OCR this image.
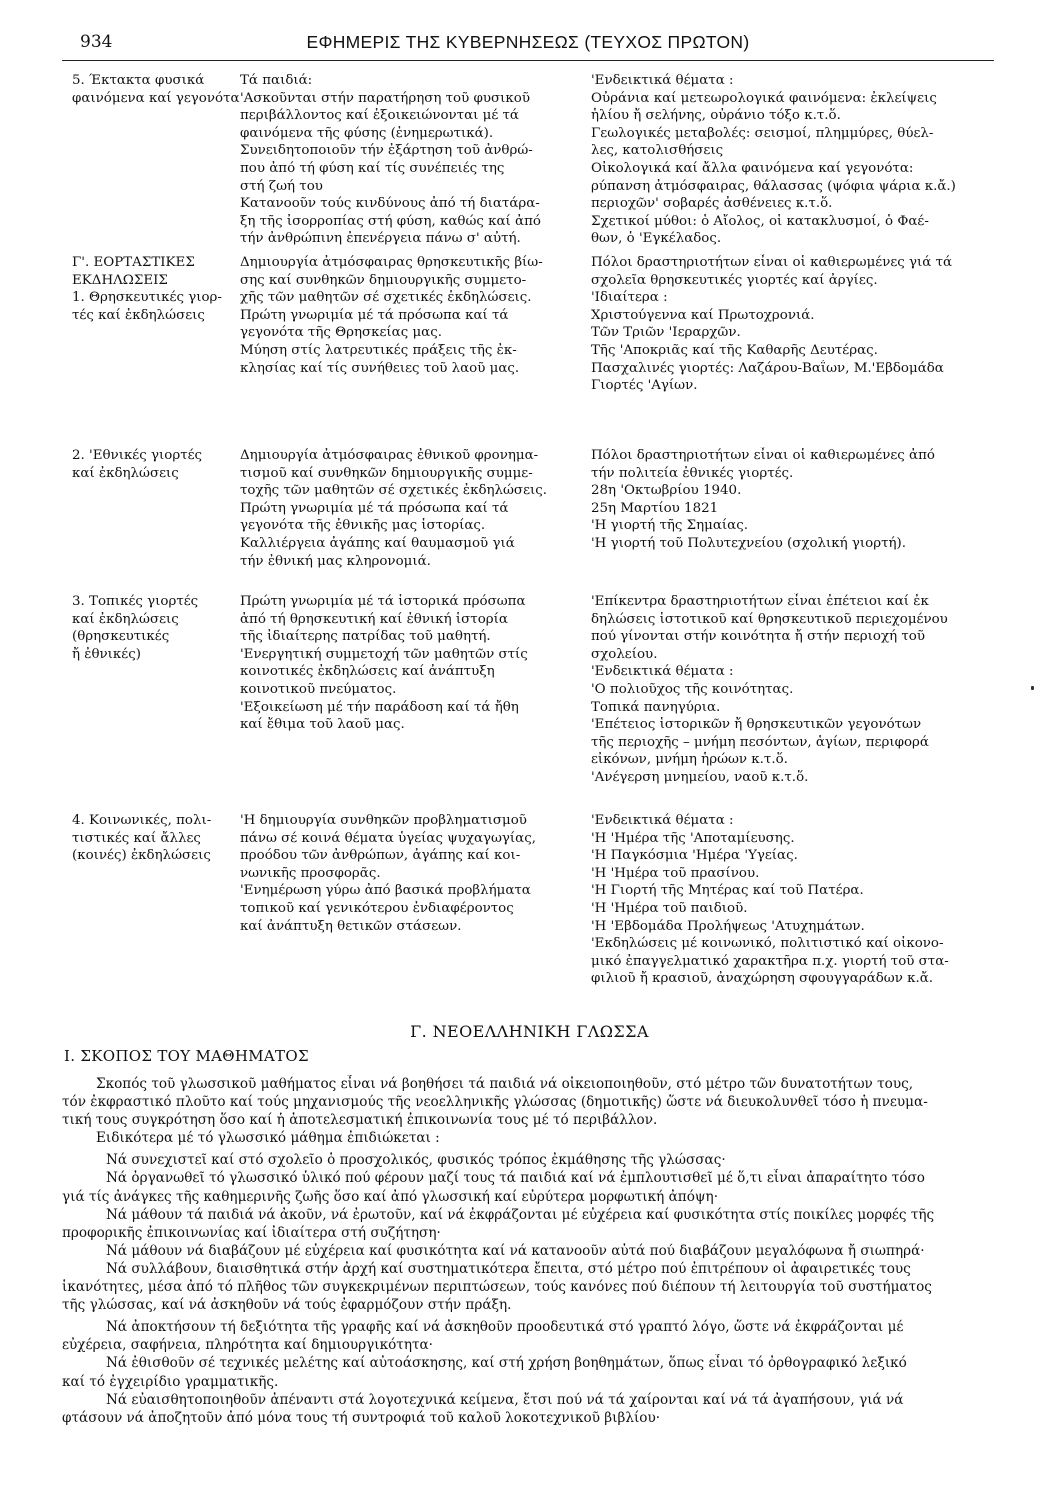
934	ΕΦΗΜΕΡΙΣ ΤΗΣ ΚΥΒΕΡΝΗΣΕΩΣ (ΤΕΥΧΟΣ ΠΡΩΤΟΝ)
5. Έκτακτα φυσικά
φαινόμενα καί γεγονότα
Τά παιδιά:
'Ασκοῦνται στήν παρατήρηση τοῦ φυσικοῦ
περιβάλλοντος καί ἐξοικειώνονται μέ τά
φαινόμενα τῆς φύσης (ἐνημερωτικά).
Συνειδητοποιοῦν τήν ἐξάρτηση τοῦ ἀνθρώ-
που ἀπό τή φύση καί τίς συνέπειές της
στή ζωή του
Κατανοοῦν τούς κινδύνους ἀπό τή διατάρα-
ξη τῆς ἰσορροπίας στή φύση, καθώς καί ἀπό
τήν ἀνθρώπινη ἐπενέργεια πάνω σ' αὐτή.
'Ενδεικτικά θέματα :
Οὐράνια καί μετεωρολογικά φαινόμενα: ἐκλείψεις
ἡλίου ἤ σελήνης, οὐράνιο τόξο κ.τ.ὅ.
Γεωλογικές μεταβολές: σεισμοί, πλημμύρες, θύελ-
λες, κατολισθήσεις
Οἰκολογικά καί ἄλλα φαινόμενα καί γεγονότα:
ρύπανση ἀτμόσφαιρας, θάλασσας (ψόφια ψάρια κ.ἄ.)
περιοχῶν' σοβαρές ἀσθένειες κ.τ.ὅ.
Σχετικοί μύθοι: ὁ Αἴολος, οἱ κατακλυσμοί, ὁ Φαέ-
θων, ὁ 'Εγκέλαδος.
Γ'. ΕΟΡΤΑΣΤΙΚΕΣ
ΕΚΔΗΛΩΣΕΙΣ
1. Θρησκευτικές γιορ-
τές καί ἐκδηλώσεις
Δημιουργία ἀτμόσφαιρας θρησκευτικῆς βίω-
σης καί συνθηκῶν δημιουργικῆς συμμετο-
χῆς τῶν μαθητῶν σέ σχετικές ἐκδηλώσεις.
Πρώτη γνωριμία μέ τά πρόσωπα καί τά
γεγονότα τῆς Θρησκείας μας.
Μύηση στίς λατρευτικές πράξεις τῆς ἐκ-
κλησίας καί τίς συνήθειες τοῦ λαοῦ μας.
Πόλοι δραστηριοτήτων εἶναι οἱ καθιερωμένες γιά τά
σχολεῖα θρησκευτικές γιορτές καί ἀργίες.
'Ιδιαίτερα :
Χριστούγεννα καί Πρωτοχρονιά.
Τῶν Τριῶν 'Ιεραρχῶν.
Τῆς 'Αποκριᾶς καί τῆς Καθαρῆς Δευτέρας.
Πασχαλινές γιορτές: Λαζάρου-Βαΐων, Μ.'Εβδομάδα
Γιορτές 'Αγίων.
2. 'Εθνικές γιορτές
καί ἐκδηλώσεις
Δημιουργία ἀτμόσφαιρας ἐθνικοῦ φρονημα-
τισμοῦ καί συνθηκῶν δημιουργικῆς συμμε-
τοχῆς τῶν μαθητῶν σέ σχετικές ἐκδηλώσεις.
Πρώτη γνωριμία μέ τά πρόσωπα καί τά
γεγονότα τῆς ἐθνικῆς μας ἱστορίας.
Καλλιέργεια ἀγάπης καί θαυμασμοῦ γιά
τήν ἐθνική μας κληρονομιά.
Πόλοι δραστηριοτήτων εἶναι οἱ καθιερωμένες ἀπό
τήν πολιτεία ἐθνικές γιορτές.
28η 'Οκτωβρίου 1940.
25η Μαρτίου 1821
'Η γιορτή τῆς Σημαίας.
'Η γιορτή τοῦ Πολυτεχνείου (σχολική γιορτή).
3. Τοπικές γιορτές
καί ἐκδηλώσεις
(θρησκευτικές
ἤ ἐθνικές)
Πρώτη γνωριμία μέ τά ἱστορικά πρόσωπα
ἀπό τή θρησκευτική καί ἐθνική ἱστορία
τῆς ἰδιαίτερης πατρίδας τοῦ μαθητή.
'Ενεργητική συμμετοχή τῶν μαθητῶν στίς
κοινοτικές ἐκδηλώσεις καί ἀνάπτυξη
κοινοτικοῦ πνεύματος.
'Εξοικείωση μέ τήν παράδοση καί τά ἤθη
καί ἔθιμα τοῦ λαοῦ μας.
'Επίκεντρα δραστηριοτήτων εἶναι ἐπέτειοι καί ἐκ
δηλώσεις ἱστοτικοῦ καί θρησκευτικοῦ περιεχομένου
πού γίνονται στήν κοινότητα ἤ στήν περιοχή τοῦ
σχολείου.
'Ενδεικτικά θέματα :
'Ο πολιοῦχος τῆς κοινότητας.
Τοπικά πανηγύρια.
'Επέτειος ἱστορικῶν ἤ θρησκευτικῶν γεγονότων
τῆς περιοχῆς – μνήμη πεσόντων, ἁγίων, περιφορά
εἰκόνων, μνήμη ἡρώων κ.τ.ὅ.
'Ανέγερση μνημείου, ναοῦ κ.τ.ὅ.
4. Κοινωνικές, πολι-
τιστικές καί ἄλλες
(κοινές) ἐκδηλώσεις
'Η δημιουργία συνθηκῶν προβληματισμοῦ
πάνω σέ κοινά θέματα ὑγείας ψυχαγωγίας,
προόδου τῶν ἀνθρώπων, ἀγάπης καί κοι-
νωνικῆς προσφορᾶς.
'Ενημέρωση γύρω ἀπό βασικά προβλήματα
τοπικοῦ καί γενικότερου ἐνδιαφέροντος
καί ἀνάπτυξη θετικῶν στάσεων.
'Ενδεικτικά θέματα :
'Η 'Ημέρα τῆς 'Αποταμίευσης.
'Η Παγκόσμια 'Ημέρα 'Υγείας.
'Η 'Ημέρα τοῦ πρασίνου.
'Η Γιορτή τῆς Μητέρας καί τοῦ Πατέρα.
'Η 'Ημέρα τοῦ παιδιοῦ.
'Η 'Εβδομάδα Προλήψεως 'Ατυχημάτων.
'Εκδηλώσεις μέ κοινωνικό, πολιτιστικό καί οἰκονο-
μικό ἐπαγγελματικό χαρακτῆρα π.χ. γιορτή τοῦ στα-
φιλιοῦ ἤ κρασιοῦ, ἀναχώρηση σφουγγαράδων κ.ἄ.
Γ. ΝΕΟΕΛΛΗΝΙΚΗ ΓΛΩΣΣΑ
Ι. ΣΚΟΠΟΣ ΤΟΥ ΜΑΘΗΜΑΤΟΣ
Σκοπός τοῦ γλωσσικοῦ μαθήματος εἶναι νά βοηθήσει τά παιδιά νά οἰκειοποιηθοῦν, στό μέτρο τῶν δυνατοτήτων τους,
τόν ἐκφραστικό πλοῦτο καί τούς μηχανισμούς τῆς νεοελληνικῆς γλώσσας (δημοτικῆς) ὥστε νά διευκολυνθεῖ τόσο ἡ πνευμα-
τική τους συγκρότηση ὅσο καί ἡ ἀποτελεσματική ἐπικοινωνία τους μέ τό περιβάλλον.
Ειδικότερα μέ τό γλωσσικό μάθημα ἐπιδιώκεται :
Νά συνεχιστεῖ καί στό σχολεῖο ὁ προσχολικός, φυσικός τρόπος ἐκμάθησης τῆς γλώσσας·
Νά ὀργανωθεῖ τό γλωσσικό ὑλικό πού φέρουν μαζί τους τά παιδιά καί νά ἐμπλουτισθεῖ μέ ὅ,τι εἶναι ἀπαραίτητο τόσο
γιά τίς ἀνάγκες τῆς καθημερινῆς ζωῆς ὅσο καί ἀπό γλωσσική καί εὐρύτερα μορφωτική ἀπόψη·
Νά μάθουν τά παιδιά νά ἀκοῦν, νά ἐρωτοῦν, καί νά ἐκφράζονται μέ εὐχέρεια καί φυσικότητα στίς ποικίλες μορφές τῆς
προφορικῆς ἐπικοινωνίας καί ἰδιαίτερα στή συζήτηση·
Νά μάθουν νά διαβάζουν μέ εὐχέρεια καί φυσικότητα καί νά κατανοοῦν αὐτά πού διαβάζουν μεγαλόφωνα ἤ σιωπηρά·
Νά συλλάβουν, διαισθητικά στήν ἀρχή καί συστηματικότερα ἔπειτα, στό μέτρο πού ἐπιτρέπουν οἱ ἀφαιρετικές τους
ἱκανότητες, μέσα ἀπό τό πλῆθος τῶν συγκεκριμένων περιπτώσεων, τούς κανόνες πού διέπουν τή λειτουργία τοῦ συστήματος
τῆς γλώσσας, καί νά ἀσκηθοῦν νά τούς ἐφαρμόζουν στήν πράξη.
Νά ἀποκτήσουν τή δεξιότητα τῆς γραφῆς καί νά ἀσκηθοῦν προοδευτικά στό γραπτό λόγο, ὥστε νά ἐκφράζονται μέ
εὐχέρεια, σαφήνεια, πληρότητα καί δημιουργικότητα·
Νά ἐθισθοῦν σέ τεχνικές μελέτης καί αὐτοάσκησης, καί στή χρήση βοηθημάτων, ὅπως εἶναι τό ὀρθογραφικό λεξικό
καί τό ἐγχειρίδιο γραμματικῆς.
Νά εὐαισθητοποιηθοῦν ἀπέναντι στά λογοτεχνικά κείμενα, ἔτσι πού νά τά χαίρονται καί νά τά ἀγαπήσουν, γιά νά
φτάσουν νά ἀποζητοῦν ἀπό μόνα τους τή συντροφιά τοῦ καλοῦ λοκοτεχνικοῦ βιβλίου·
